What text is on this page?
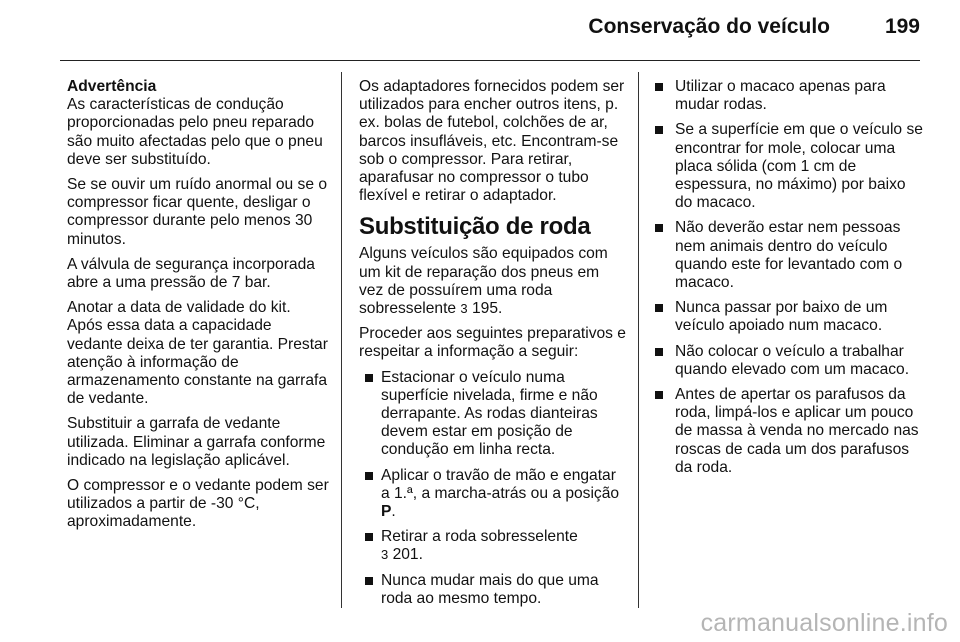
Conservação do veículo	199

Advertência
As características de condução proporcionadas pelo pneu reparado são muito afectadas pelo que o pneu deve ser substituído.

Se se ouvir um ruído anormal ou se o compressor ficar quente, desligar o compressor durante pelo menos 30 minutos.

A válvula de segurança incorporada abre a uma pressão de 7 bar.

Anotar a data de validade do kit. Após essa data a capacidade vedante deixa de ter garantia. Prestar atenção à informação de armazenamento constante na garrafa de vedante.

Substituir a garrafa de vedante utilizada. Eliminar a garrafa conforme indicado na legislação aplicável.

O compressor e o vedante podem ser utilizados a partir de -30 °C, aproximadamente.

Os adaptadores fornecidos podem ser utilizados para encher outros itens, p. ex. bolas de futebol, colchões de ar, barcos insufláveis, etc. Encontram-se sob o compressor. Para retirar, aparafusar no compressor o tubo flexível e retirar o adaptador.

Substituição de roda

Alguns veículos são equipados com um kit de reparação dos pneus em vez de possuírem uma roda sobresselente 3 195.

Proceder aos seguintes preparativos e respeitar a informação a seguir:

Estacionar o veículo numa superfície nivelada, firme e não derrapante. As rodas dianteiras devem estar em posição de condução em linha recta.
Aplicar o travão de mão e engatar a 1.ª, a marcha-atrás ou a posição P.
Retirar a roda sobresselente
3 201.
Nunca mudar mais do que uma roda ao mesmo tempo.
Utilizar o macaco apenas para mudar rodas.
Se a superfície em que o veículo se encontrar for mole, colocar uma placa sólida (com 1 cm de espessura, no máximo) por baixo do macaco.
Não deverão estar nem pessoas nem animais dentro do veículo quando este for levantado com o macaco.
Nunca passar por baixo de um veículo apoiado num macaco.
Não colocar o veículo a trabalhar quando elevado com um macaco.
Antes de apertar os parafusos da roda, limpá-los e aplicar um pouco de massa à venda no mercado nas roscas de cada um dos parafusos da roda.
carmanualsonline.info
